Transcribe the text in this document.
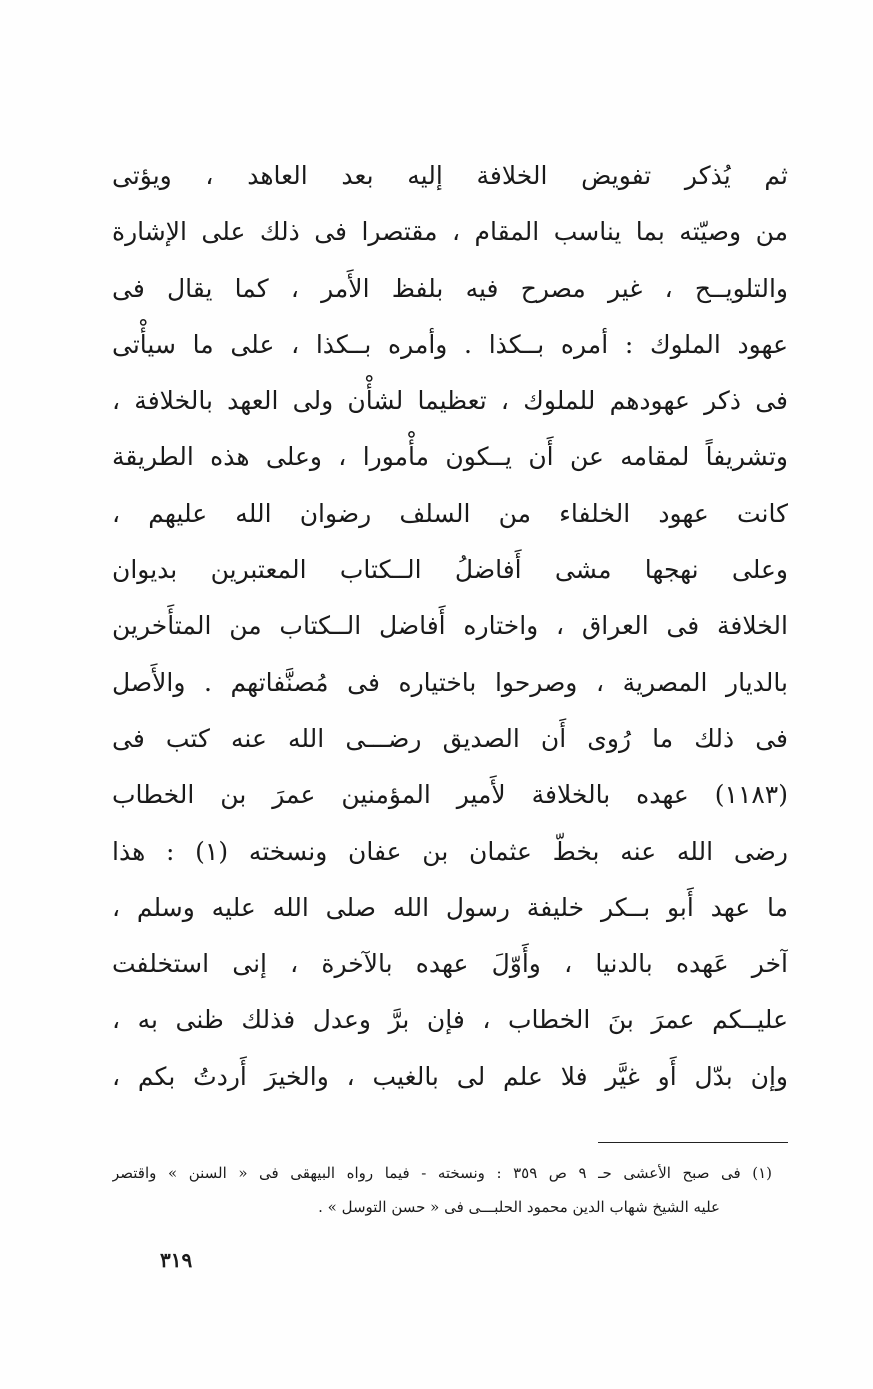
ثم يُذكر تفويض الخلافة إليه بعد العاهد ، ويؤتى
من وصيّته بما يناسب المقام ، مقتصرا فى ذلك على الإشارة
والتلويــح ، غير مصرح فيه بلفظ الأَمر ، كما يقال فى
عهود الملوك : أمره بــكذا . وأمره بــكذا ، على ما سيأْتى
فى ذكر عهودهم للملوك ، تعظيما لشأْن ولى العهد بالخلافة ،
وتشريفاً لمقامه عن أَن يــكون مأْمورا ، وعلى هذه الطريقة
كانت عهود الخلفاء من السلف رضوان الله عليهم ،
وعلى نهجها مشى أَفاضلُ الــكتاب المعتبرين بديوان
الخلافة فى العراق ، واختاره أَفاضل الــكتاب من المتأَخرين
بالديار المصرية ، وصرحوا باختياره فى مُصنَّفاتهم . والأَصل
فى ذلك ما رُوى أَن الصديق رضـــى الله عنه كتب فى
(١١٨٣) عهده بالخلافة لأَمير المؤمنين عمرَ بن الخطاب
رضى الله عنه بخطّ عثمان بن عفان ونسخته (١) : هذا
ما عهد أَبو بــكر خليفة رسول الله صلى الله عليه وسلم ،
آخر عَهده بالدنيا ، وأَوّلَ عهده بالآخرة ، إنى استخلفت
عليــكم عمرَ بنَ الخطاب ، فإن برَّ وعدل فذلك ظنى به ،
وإن بدّل أَو غيَّر فلا علم لى بالغيب ، والخيرَ أَردتُ بكم ،
(١) فى صبح الأعشى حـ ٩ ص ٣٥٩ : ونسخته - فيما رواه البيهقى فى « السنن » واقتصر
عليه الشيخ شهاب الدين محمود الحلبـــى فى « حسن التوسل » .
٣١٩
